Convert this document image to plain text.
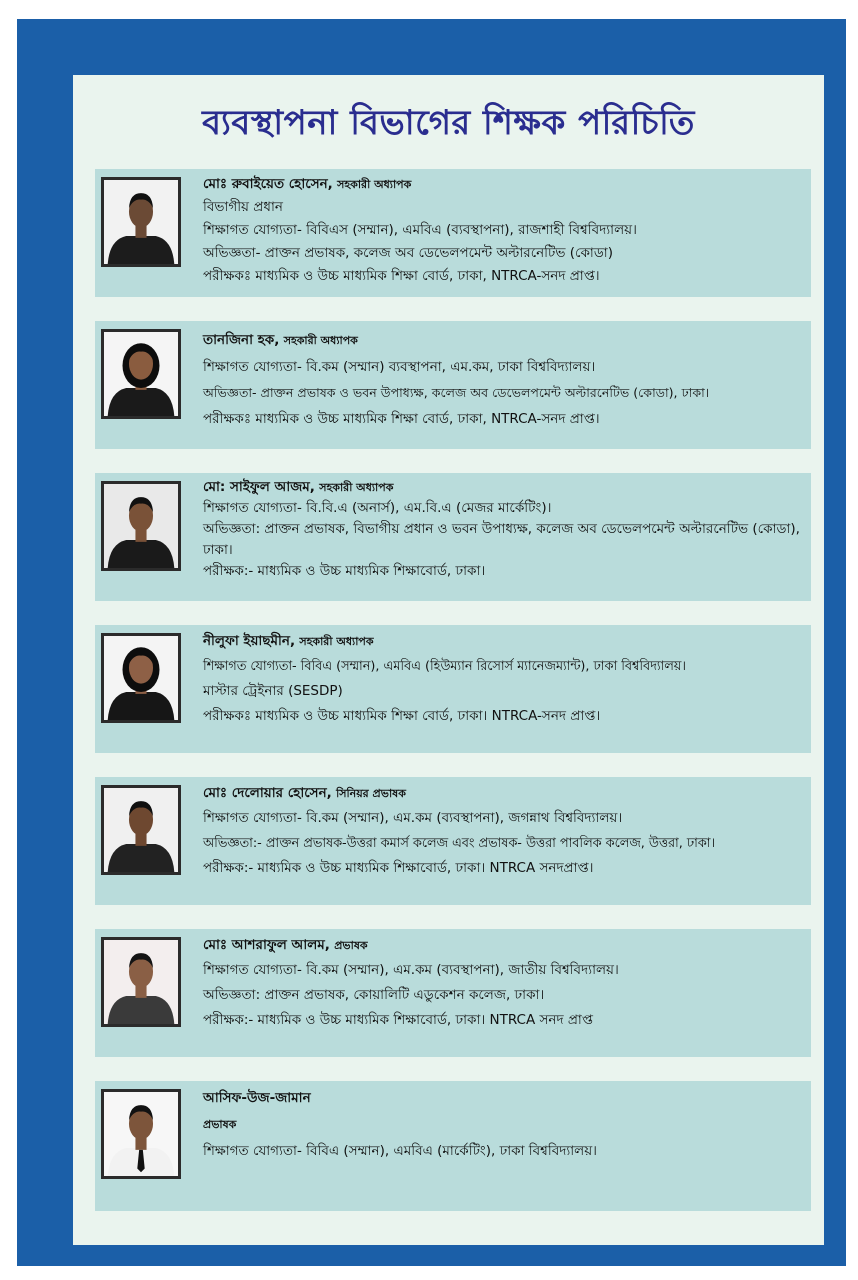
ব্যবস্থাপনা বিভাগের শিক্ষক পরিচিতি
মোঃ রুবাইয়েত হোসেন, সহকারী অধ্যাপক
বিভাগীয় প্রধান
শিক্ষাগত যোগ্যতা- বিবিএস (সম্মান), এমবিএ (ব্যবস্থাপনা), রাজশাহী বিশ্ববিদ্যালয়।
অভিজ্ঞতা- প্রাক্তন প্রভাষক, কলেজ অব ডেভেলপমেন্ট অল্টারনেটিভ (কোডা)
পরীক্ষকঃ মাধ্যমিক ও উচ্চ মাধ্যমিক শিক্ষা বোর্ড, ঢাকা, NTRCA-সনদ প্রাপ্ত।
তানজিনা হক, সহকারী অধ্যাপক
শিক্ষাগত যোগ্যতা- বি.কম (সম্মান) ব্যবস্থাপনা, এম.কম, ঢাকা বিশ্ববিদ্যালয়।
অভিজ্ঞতা- প্রাক্তন প্রভাষক ও ভবন উপাধ্যক্ষ, কলেজ অব ডেভেলপমেন্ট অল্টারনেটিভ (কোডা), ঢাকা।
পরীক্ষকঃ মাধ্যমিক ও উচ্চ মাধ্যমিক শিক্ষা বোর্ড, ঢাকা, NTRCA-সনদ প্রাপ্ত।
মো: সাইফুল আজম, সহকারী অধ্যাপক
শিক্ষাগত যোগ্যতা- বি.বি.এ (অনার্স), এম.বি.এ (মেজর মার্কেটিং)।
অভিজ্ঞতা: প্রাক্তন প্রভাষক, বিভাগীয় প্রধান ও ভবন উপাধ্যক্ষ, কলেজ অব ডেভেলপমেন্ট অল্টারনেটিভ (কোডা), ঢাকা।
পরীক্ষক:- মাধ্যমিক ও উচ্চ মাধ্যমিক শিক্ষাবোর্ড, ঢাকা।
নীলুফা ইয়াছমীন, সহকারী অধ্যাপক
শিক্ষাগত যোগ্যতা- বিবিএ (সম্মান), এমবিএ (হিউম্যান রিসোর্স ম্যানেজম্যান্ট), ঢাকা বিশ্ববিদ্যালয়।
মাস্টার ট্রেইনার (SESDP)
পরীক্ষকঃ মাধ্যমিক ও উচ্চ মাধ্যমিক শিক্ষা বোর্ড, ঢাকা। NTRCA-সনদ প্রাপ্ত।
মোঃ দেলোয়ার হোসেন, সিনিয়র প্রভাষক
শিক্ষাগত যোগ্যতা- বি.কম (সম্মান), এম.কম (ব্যবস্থাপনা), জগন্নাথ বিশ্ববিদ্যালয়।
অভিজ্ঞতা:- প্রাক্তন প্রভাষক-উত্তরা কমার্স কলেজ এবং প্রভাষক- উত্তরা পাবলিক কলেজ, উত্তরা, ঢাকা।
পরীক্ষক:- মাধ্যমিক ও উচ্চ মাধ্যমিক শিক্ষাবোর্ড, ঢাকা। NTRCA সনদপ্রাপ্ত।
মোঃ আশরাফুল আলম, প্রভাষক
শিক্ষাগত যোগ্যতা- বি.কম (সম্মান), এম.কম (ব্যবস্থাপনা), জাতীয় বিশ্ববিদ্যালয়।
অভিজ্ঞতা: প্রাক্তন প্রভাষক, কোয়ালিটি এডুকেশন কলেজ, ঢাকা।
পরীক্ষক:- মাধ্যমিক ও উচ্চ মাধ্যমিক শিক্ষাবোর্ড, ঢাকা। NTRCA সনদ প্রাপ্ত
আসিফ-উজ-জামান
প্রভাষক
শিক্ষাগত যোগ্যতা- বিবিএ (সম্মান), এমবিএ (মার্কেটিং), ঢাকা বিশ্ববিদ্যালয়।
